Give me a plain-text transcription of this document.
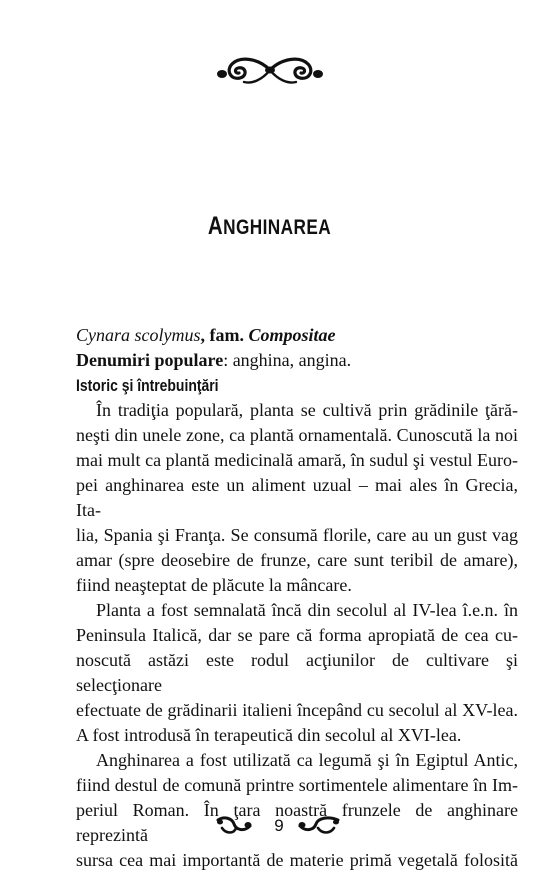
ANGHINAREA
Cynara scolymus, fam. Compositae
Denumiri populare: anghina, angina.
Istoric şi întrebuinţări
În tradiţia populară, planta se cultivă prin grădinile ţără-
neşti din unele zone, ca plantă ornamentală. Cunoscută la noi
mai mult ca plantă medicinală amară, în sudul şi vestul Euro-
pei anghinarea este un aliment uzual – mai ales în Grecia, Ita-
lia, Spania şi Franţa. Se consumă florile, care au un gust vag
amar (spre deosebire de frunze, care sunt teribil de amare),
fiind neaşteptat de plăcute la mâncare.
Planta a fost semnalată încă din secolul al IV-lea î.e.n. în
Peninsula Italică, dar se pare că forma apropiată de cea cu-
noscută astăzi este rodul acţiunilor de cultivare şi selecţionare
efectuate de grădinarii italieni începând cu secolul al XV-lea.
A fost introdusă în terapeutică din secolul al XVI-lea.
Anghinarea a fost utilizată ca legumă şi în Egiptul Antic,
fiind destul de comună printre sortimentele alimentare în Im-
periul Roman. În ţara noastră frunzele de anghinare reprezintă
sursa cea mai importantă de materie primă vegetală folosită
9
